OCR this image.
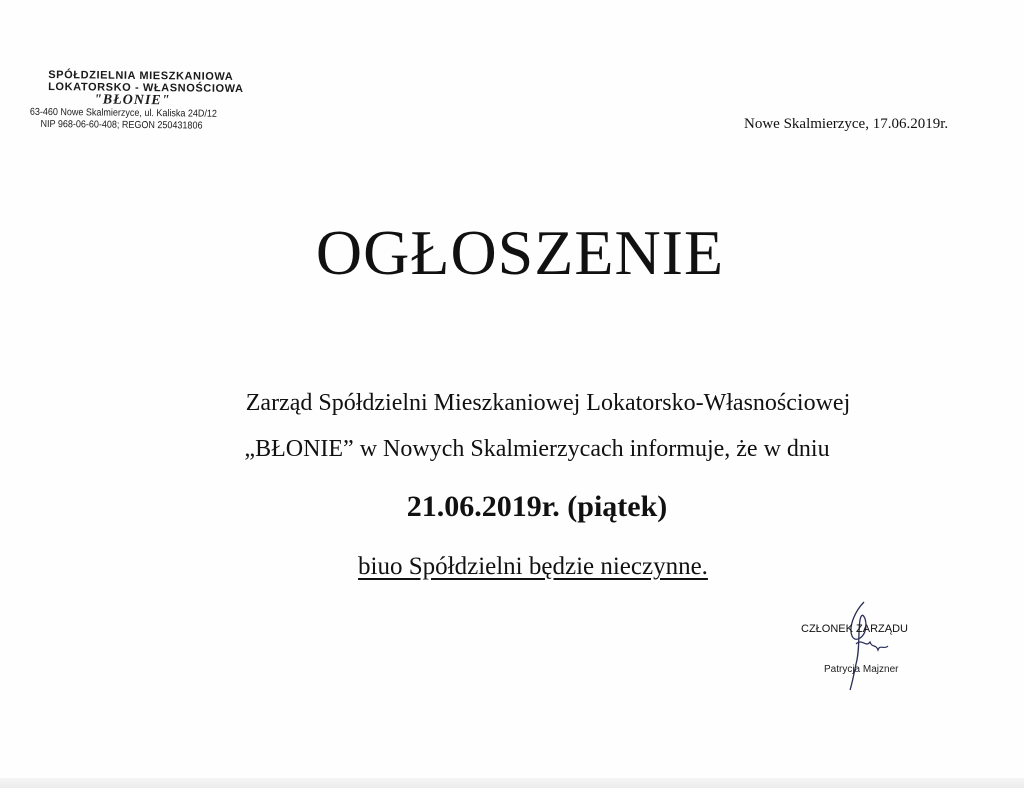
SPÓŁDZIELNIA MIESZKANIOWA
LOKATORSKO - WŁASNOŚCIOWA
"BŁONIE"
63-460 Nowe Skalmierzyce, ul. Kaliska 24D/12
NIP 968-06-60-408; REGON 250431806	Nowe Skalmierzyce, 17.06.2019r.
OGŁOSZENIE
Zarząd Spółdzielni Mieszkaniowej Lokatorsko-Własnościowej
„BŁONIE” w Nowych Skalmierzycach informuje, że w dniu
21.06.2019r. (piątek)
biuo Spółdzielni będzie nieczynne.
CZŁONEK ZARZĄDU
Patrycja Majzner
